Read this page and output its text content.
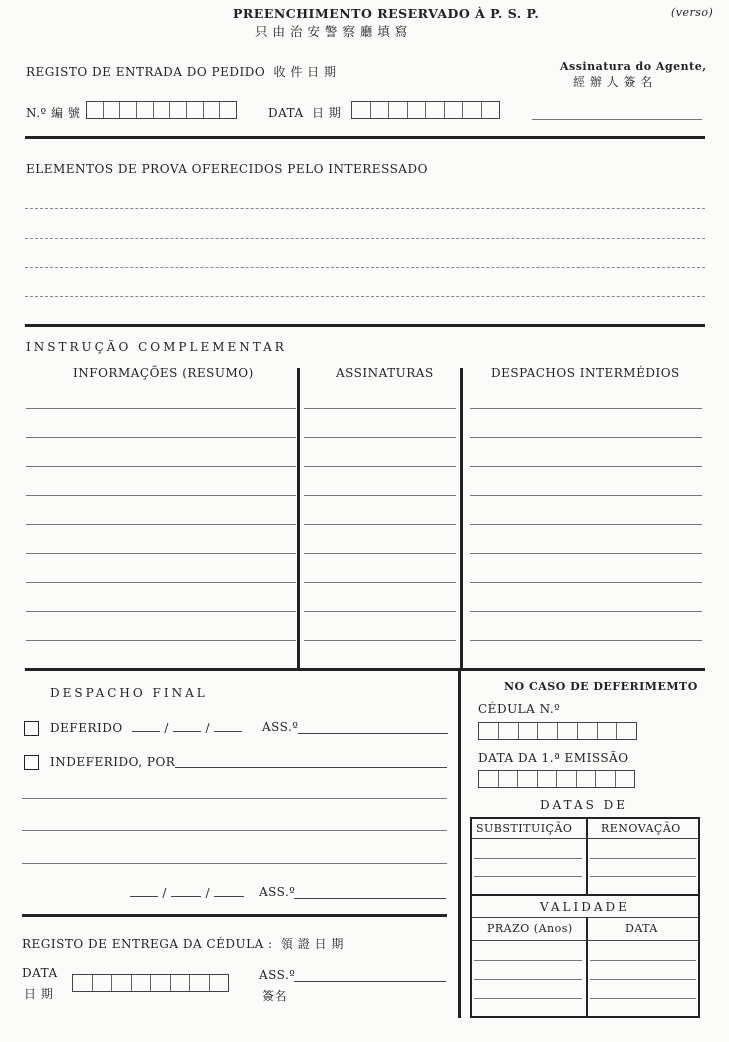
PREENCHIMENTO RESERVADO À P. S. P.
只 由 治 安 警 察 廳 填 寫
(verso)
REGISTO DE ENTRADA DO PEDIDO 收 件 日 期	Assinatura do Agente,
經 辦 人 簽 名
N.º 編 號	DATA 日 期
ELEMENTOS DE PROVA OFERECIDOS PELO INTERESSADO
INSTRUÇÃO COMPLEMENTAR
INFORMAÇÕES (RESUMO)	ASSINATURAS	DESPACHOS INTERMÉDIOS
DESPACHO FINAL
DEFERIDO	/	/	ASS.º
INDEFERIDO, POR
/	/	ASS.º
REGISTO DE ENTREGA DA CÉDULA : 領 證 日 期
DATA
日 期
ASS.º
簽名
NO CASO DE DEFERIMEMTO
CÉDULA N.º
DATA DA 1.ª EMISSÃO
DATAS DE
SUBSTITUIÇÃO	RENOVAÇÃO
VALIDADE
PRAZO (Anos)	DATA
